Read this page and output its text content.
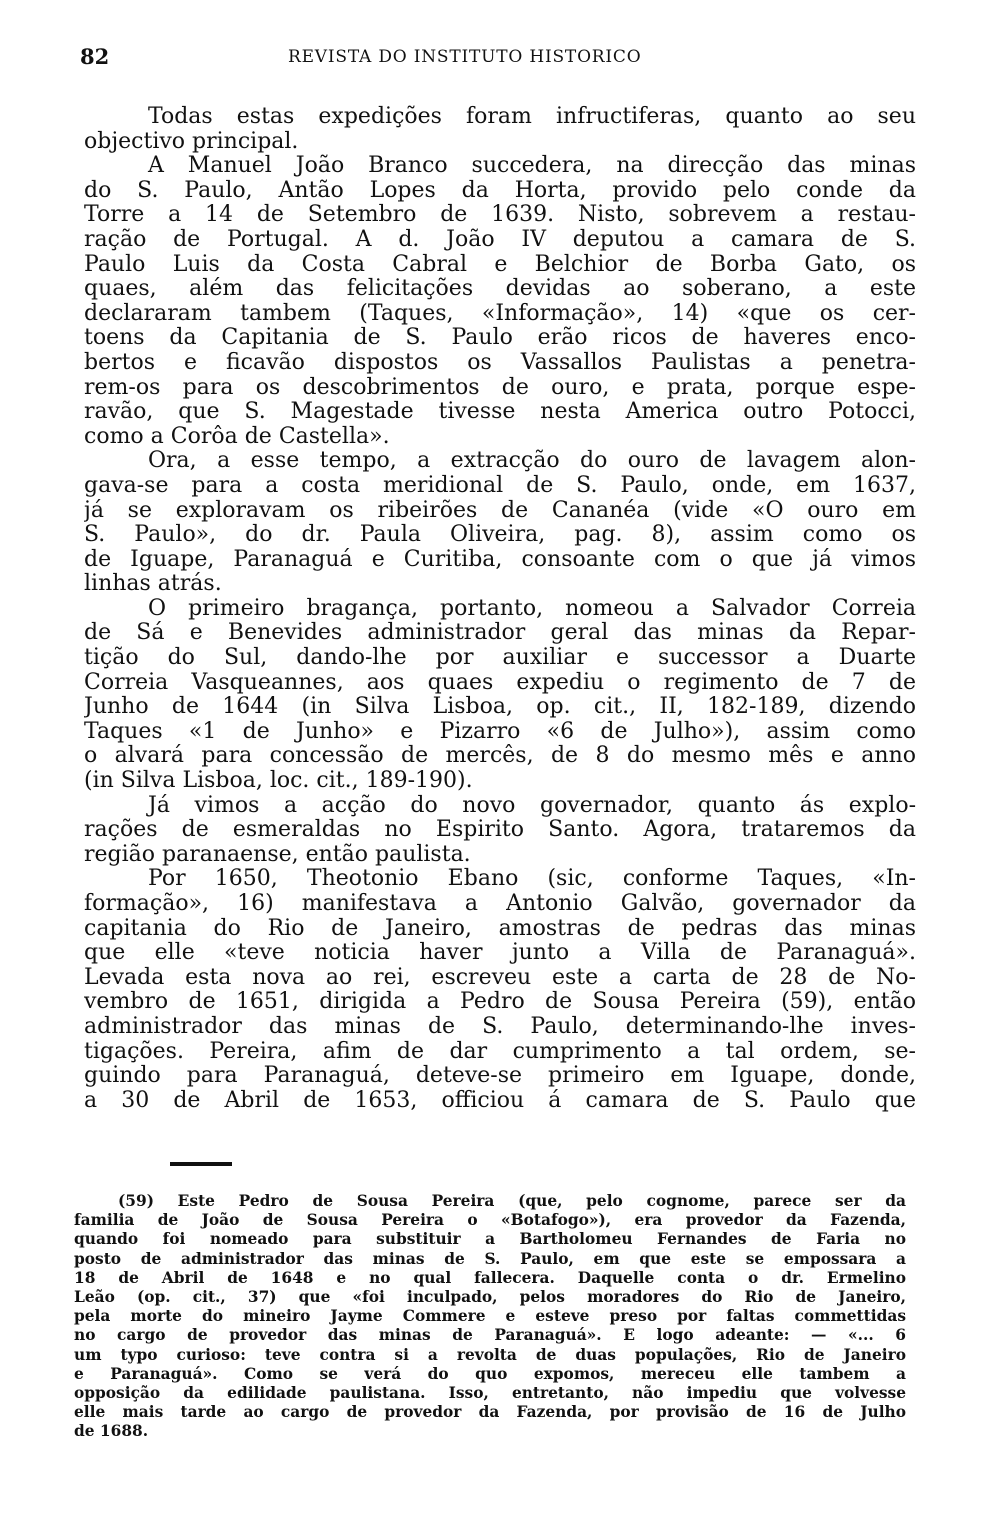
82	REVISTA DO INSTITUTO HISTORICO
Todas estas expedições foram infructiferas, quanto ao seu
objectivo principal.
A Manuel João Branco succedera, na direcção das minas
do S. Paulo, Antão Lopes da Horta, provido pelo conde da
Torre a 14 de Setembro de 1639. Nisto, sobrevem a restau-
ração de Portugal. A d. João IV deputou a camara de S.
Paulo Luis da Costa Cabral e Belchior de Borba Gato, os
quaes, além das felicitações devidas ao soberano, a este
declararam tambem (Taques, «Informação», 14) «que os cer-
toens da Capitania de S. Paulo erão ricos de haveres enco-
bertos e ficavão dispostos os Vassallos Paulistas a penetra-
rem-os para os descobrimentos de ouro, e prata, porque espe-
ravão, que S. Magestade tivesse nesta America outro Potocci,
como a Corôa de Castella».
Ora, a esse tempo, a extracção do ouro de lavagem alon-
gava-se para a costa meridional de S. Paulo, onde, em 1637,
já se exploravam os ribeirões de Cananéa (vide «O ouro em
S. Paulo», do dr. Paula Oliveira, pag. 8), assim como os
de Iguape, Paranaguá e Curitiba, consoante com o que já vimos
linhas atrás.
O primeiro bragança, portanto, nomeou a Salvador Correia
de Sá e Benevides administrador geral das minas da Repar-
tição do Sul, dando-lhe por auxiliar e successor a Duarte
Correia Vasqueannes, aos quaes expediu o regimento de 7 de
Junho de 1644 (in Silva Lisboa, op. cit., II, 182-189, dizendo
Taques «1 de Junho» e Pizarro «6 de Julho»), assim como
o alvará para concessão de mercês, de 8 do mesmo mês e anno
(in Silva Lisboa, loc. cit., 189-190).
Já vimos a acção do novo governador, quanto ás explo-
rações de esmeraldas no Espirito Santo. Agora, trataremos da
região paranaense, então paulista.
Por 1650, Theotonio Ebano (sic, conforme Taques, «In-
formação», 16) manifestava a Antonio Galvão, governador da
capitania do Rio de Janeiro, amostras de pedras das minas
que elle «teve noticia haver junto a Villa de Paranaguá».
Levada esta nova ao rei, escreveu este a carta de 28 de No-
vembro de 1651, dirigida a Pedro de Sousa Pereira (59), então
administrador das minas de S. Paulo, determinando-lhe inves-
tigações. Pereira, afim de dar cumprimento a tal ordem, se-
guindo para Paranaguá, deteve-se primeiro em Iguape, donde,
a 30 de Abril de 1653, officiou á camara de S. Paulo que
(59) Este Pedro de Sousa Pereira (que, pelo cognome, parece ser da
familia de João de Sousa Pereira o «Botafogo»), era provedor da Fazenda,
quando foi nomeado para substituir a Bartholomeu Fernandes de Faria no
posto de administrador das minas de S. Paulo, em que este se empossara a
18 de Abril de 1648 e no qual fallecera. Daquelle conta o dr. Ermelino
Leão (op. cit., 37) que «foi inculpado, pelos moradores do Rio de Janeiro,
pela morte do mineiro Jayme Commere e esteve preso por faltas commettidas
no cargo de provedor das minas de Paranaguá». E logo adeante: — «... 6
um typo curioso: teve contra si a revolta de duas populações, Rio de Janeiro
e Paranaguá». Como se verá do quo expomos, mereceu elle tambem a
opposição da edilidade paulistana. Isso, entretanto, não impediu que volvesse
elle mais tarde ao cargo de provedor da Fazenda, por provisão de 16 de Julho
de 1688.
